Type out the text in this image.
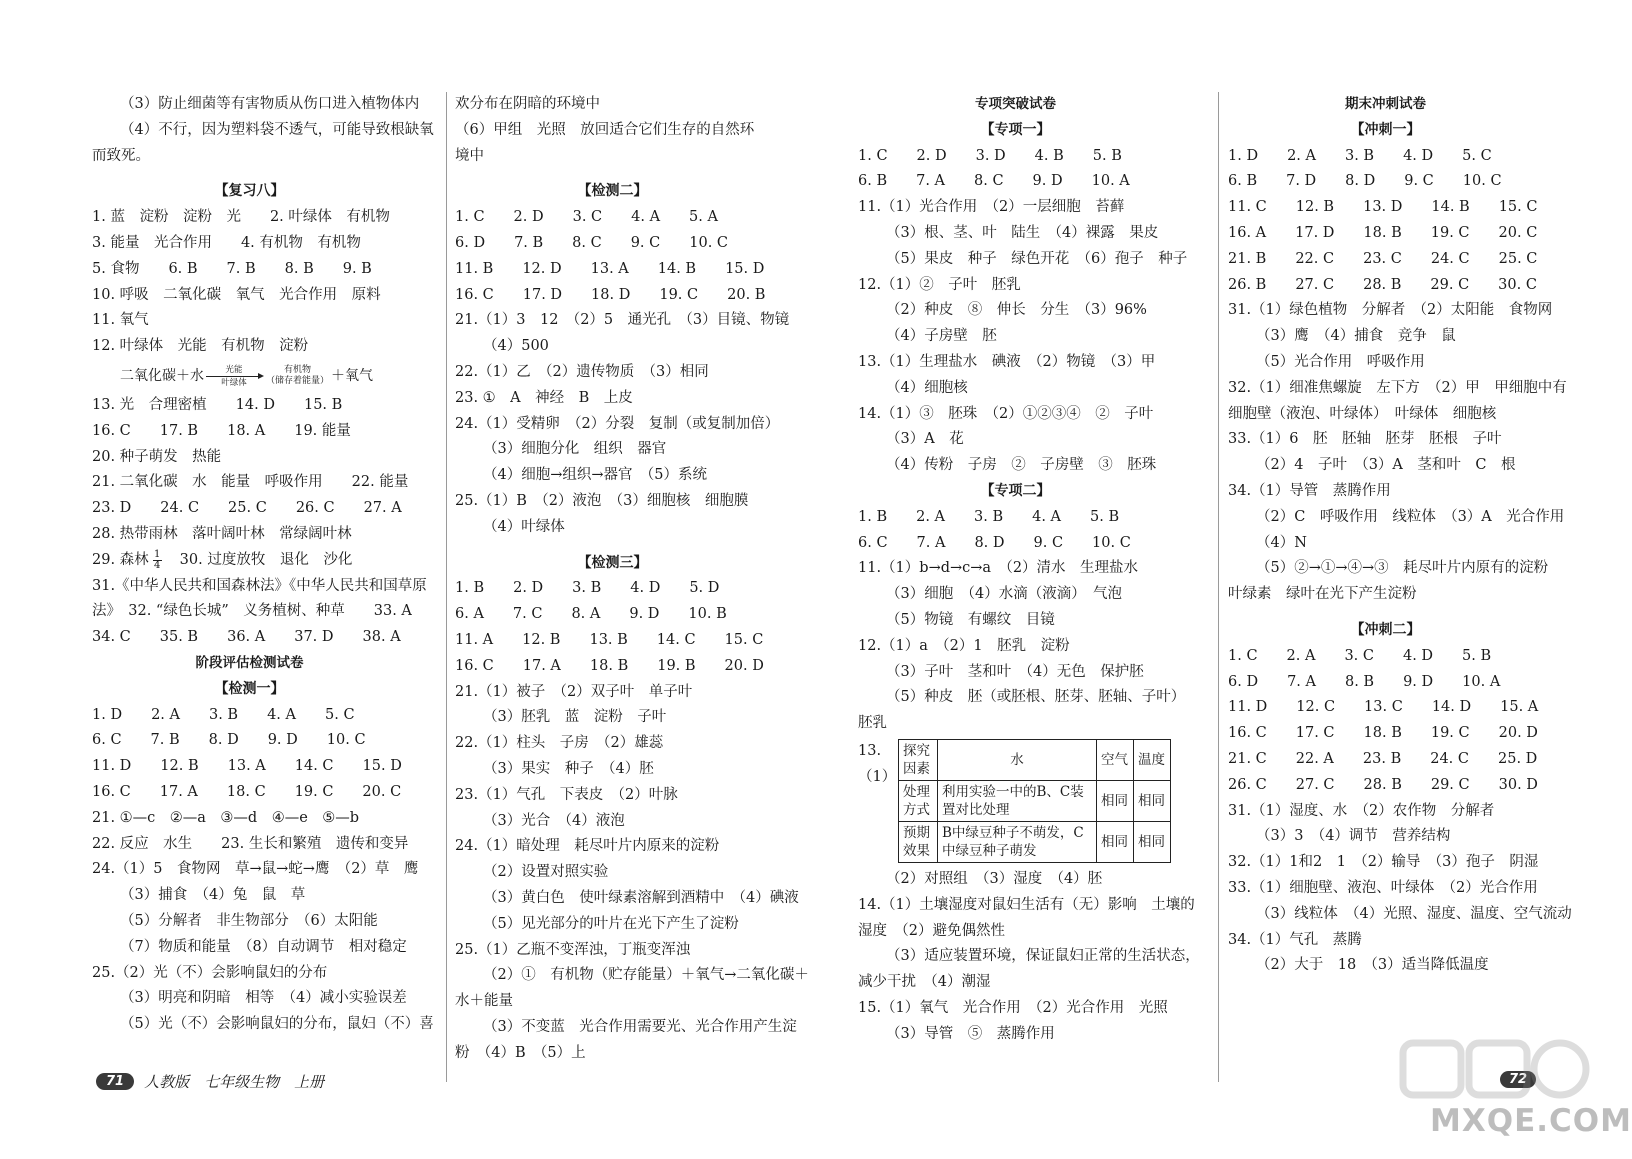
（3）防止细菌等有害物质从伤口进入植物体内
（4）不行，因为塑料袋不透气，可能导致根缺氧
而致死。
【复习八】
1. 蓝　淀粉　淀粉　光　　2. 叶绿体　有机物
3. 能量　光合作用　　4. 有机物　有机物
5. 食物　　6. B　　7. B　　8. B　　9. B
10. 呼吸　二氧化碳　氧气　光合作用　原料
11. 氧气
12. 叶绿体　光能　有机物　淀粉
二氧化碳＋水	光能
叶绿体
有机物
（储存着能量） ＋氧气
13. 光　合理密植　　14. D　　15. B
16. C　　17. B　　18. A　　19. 能量
20. 种子萌发　热能
21. 二氧化碳　水　能量　呼吸作用　　22. 能量
23. D　　24. C　　25. C　　26. C　　27. A
28. 热带雨林　落叶阔叶林　常绿阔叶林
29. 森林 $\frac{1}{4} 30$. 过度放牧　退化　沙化
31.《中华人民共和国森林法》《中华人民共和国草原
法》　32. “绿色长城”　义务植树、种草　　33. A
34. C　　35. B　　36. A　　37. D　　38. A
阶段评估检测试卷
【检测一】
1. D　　2. A　　3. B　　4. A　　5. C
6. C　　7. B　　8. D　　9. D　　10. C
11. D　　12. B　　13. A　　14. C　　15. D
16. C　　17. A　　18. C　　19. C　　20. C
21. ①—c　②—a　③—d　④—e　⑤—b
22. 反应　水生　　23. 生长和繁殖　遗传和变异
24.（1）5　食物网　草→鼠→蛇→鹰　（2）草　鹰
（3）捕食　（4）兔　鼠　草
（5）分解者　非生物部分　（6）太阳能
（7）物质和能量　（8）自动调节　相对稳定
25.（2）光（不）会影响鼠妇的分布
（3）明亮和阴暗　相等　（4）减小实验误差
（5）光（不）会影响鼠妇的分布，鼠妇（不）喜
欢分布在阴暗的环境中
（6）甲组　光照　放回适合它们生存的自然环
境中
【检测二】
1. C　　2. D　　3. C　　4. A　　5. A
6. D　　7. B　　8. C　　9. C　　10. C
11. B　　12. D　　13. A　　14. B　　15. D
16. C　　17. D　　18. D　　19. C　　20. B
21.（1）3　12　（2）5　通光孔　（3）目镜、物镜
（4）500
22.（1）乙　（2）遗传物质　（3）相同
23. ①　A　神经　B　上皮
24.（1）受精卵　（2）分裂　复制（或复制加倍）
（3）细胞分化　组织　器官
（4）细胞→组织→器官　（5）系统
25.（1）B　（2）液泡　（3）细胞核　细胞膜
（4）叶绿体
【检测三】
1. B　　2. D　　3. B　　4. D　　5. D
6. A　　7. C　　8. A　　9. D　　10. B
11. A　　12. B　　13. B　　14. C　　15. C
16. C　　17. A　　18. B　　19. B　　20. D
21.（1）被子　（2）双子叶　单子叶
（3）胚乳　蓝　淀粉　子叶
22.（1）柱头　子房　（2）雄蕊
（3）果实　种子　（4）胚
23.（1）气孔　下表皮　（2）叶脉
（3）光合　（4）液泡
24.（1）暗处理　耗尽叶片内原来的淀粉
（2）设置对照实验
（3）黄白色　使叶绿素溶解到酒精中　（4）碘液
（5）见光部分的叶片在光下产生了淀粉
25.（1）乙瓶不变浑浊，丁瓶变浑浊
（2）①　有机物（贮存能量）＋氧气→二氧化碳＋
水＋能量
（3）不变蓝　光合作用需要光、光合作用产生淀
粉　（4）B　（5）上
专项突破试卷
【专项一】
1. C　　2. D　　3. D　　4. B　　5. B
6. B　　7. A　　8. C　　9. D　　10. A
11.（1）光合作用　（2）一层细胞　苔藓
（3）根、茎、叶　陆生　（4）裸露　果皮
（5）果皮　种子　绿色开花　（6）孢子　种子
12.（1）②　子叶　胚乳
（2）种皮　⑧　伸长　分生　（3）96%
（4）子房壁　胚
13.（1）生理盐水　碘液　（2）物镜　（3）甲
（4）细胞核
14.（1）③　胚珠　（2）①②③④　②　子叶
（3）A　花
（4）传粉　子房　②　子房壁　③　胚珠
【专项二】
1. B　　2. A　　3. B　　4. A　　5. B
6. C　　7. A　　8. D　　9. C　　10. C
11.（1）b→d→c→a　（2）清水　生理盐水
（3）细胞　（4）水滴（液滴）　气泡
（5）物镜　有螺纹　目镜
12.（1）a　（2）1　胚乳　淀粉
（3）子叶　茎和叶　（4）无色　保护胚
（5）种皮　胚（或胚根、胚芽、胚轴、子叶）
胚乳
13.（1）
探究因素	水	空气	温度
处理方式	利用实验一中的B、C装置对比处理	相同	相同
预期效果	B中绿豆种子不萌发，C中绿豆种子萌发	相同	相同
（2）对照组　（3）湿度　（4）胚
14.（1）土壤湿度对鼠妇生活有（无）影响　土壤的
湿度　（2）避免偶然性
（3）适应装置环境，保证鼠妇正常的生活状态，
减少干扰　（4）潮湿
15.（1）氧气　光合作用　（2）光合作用　光照
（3）导管　⑤　蒸腾作用
期末冲刺试卷
【冲刺一】
1. D　　2. A　　3. B　　4. D　　5. C
6. B　　7. D　　8. D　　9. C　　10. C
11. C　　12. B　　13. D　　14. B　　15. C
16. A　　17. D　　18. B　　19. C　　20. C
21. B　　22. C　　23. C　　24. C　　25. C
26. B　　27. C　　28. B　　29. C　　30. C
31.（1）绿色植物　分解者　（2）太阳能　食物网
（3）鹰　（4）捕食　竞争　鼠
（5）光合作用　呼吸作用
32.（1）细准焦螺旋　左下方　（2）甲　甲细胞中有
细胞壁（液泡、叶绿体）　叶绿体　细胞核
33.（1）6　胚　胚轴　胚芽　胚根　子叶
（2）4　子叶　（3）A　茎和叶　C　根
34.（1）导管　蒸腾作用
（2）C　呼吸作用　线粒体　（3）A　光合作用
（4）N
（5）②→①→④→③　耗尽叶片内原有的淀粉
叶绿素　绿叶在光下产生淀粉
【冲刺二】
1. C　　2. A　　3. C　　4. D　　5. B
6. D　　7. A　　8. B　　9. D　　10. A
11. D　　12. C　　13. C　　14. D　　15. A
16. C　　17. C　　18. B　　19. C　　20. D
21. C　　22. A　　23. B　　24. C　　25. D
26. C　　27. C　　28. B　　29. C　　30. D
31.（1）湿度、水　（2）农作物　分解者
（3）3　（4）调节　营养结构
32.（1）1和2　1　（2）输导　（3）孢子　阴湿
33.（1）细胞壁、液泡、叶绿体　（2）光合作用
（3）线粒体　（4）光照、湿度、温度、空气流动
34.（1）气孔　蒸腾
（2）大于　18　（3）适当降低温度
71	人教版　七年级生物　上册	72
MXQE.COM
